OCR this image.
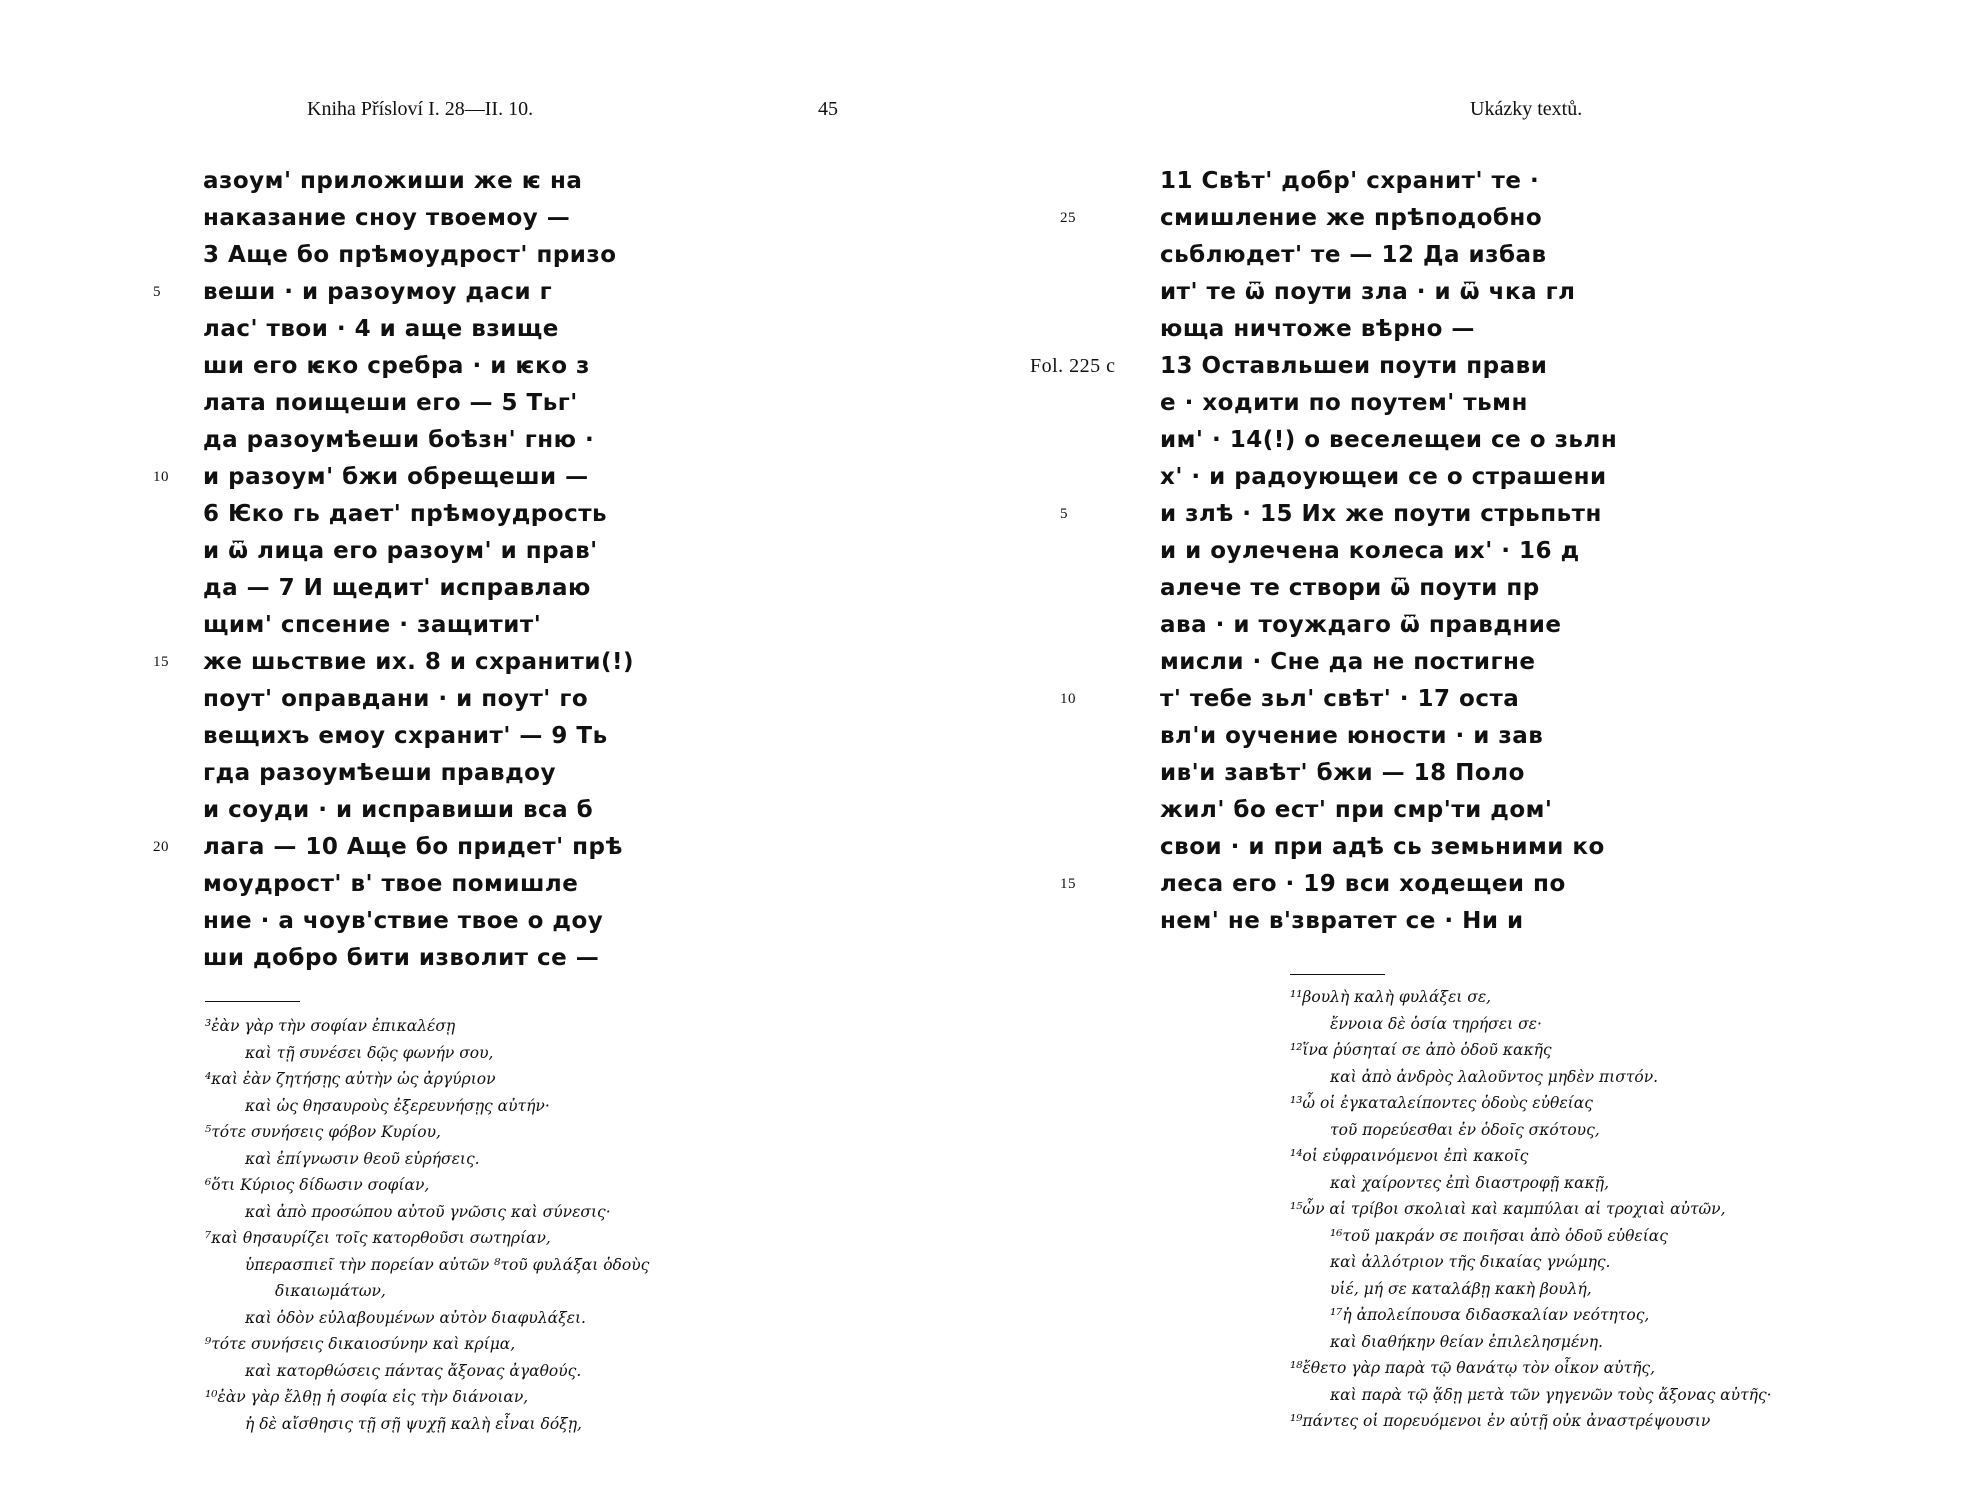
Kniha Přísloví I. 28—II. 10.	45	Ukázky textů.
азоум' приложиши же ѥ на
наказание сноу твоемоу —
3 Аще бо прѣмоудрост' призо
5 веши · и разоумоу даси г
лас' твои · 4 и аще взище
ши его ѥко сребра · и ѥко з
лата поищеши его — 5 Тьг'
да разоумѣеши боѣзн' гню ·
10 и разоум' бжи обрещеши —
6 Ѥко гь дает' прѣмоудрость
и ѿ лица его разоум' и прав'
да — 7 И щедит' исправлаю
щим' спсение · защитит'
15 же шьствие их. 8 и схранити(!)
поут' оправдани · и поут' го
вещихъ емоу схранит' — 9 Ть
гда разоумѣеши правдоу
и соуди · и исправиши вса б
20 лага — 10 Аще бо придет' прѣ
моудрост' в' твое помишле
ние · а чоув'ствие твое о доу
ши добро бити изволит се —
11 Свѣт' добр' схранит' те ·
25	смишление же прѣподобно
сьблюдет' те — 12 Да избав
ит' те ѿ поути зла · и ѿ чка гл
юща ничтоже вѣрно —
Fol. 225 c 13 Оставльшеи поути прави
е · ходити по поутем' тьмн
им' · 14(!) о веселещеи се о зьлн
х' · и радоующеи се о страшени
5	и злѣ · 15 Их же поути стрьпьтн
и и оулечена колеса их' · 16 д
алече те створи ѿ поути пр
ава · и тоуждаго ѿ правдние
мисли · Сне да не постигне
10	т' тебе зьл' свѣт' · 17 оста
вл'и оучение юности · и зав
ив'и завѣт' бжи — 18 Поло
жил' бо ест' при смр'ти дом'
свои · и при адѣ сь земьними ко
15	леса его · 19 вси ходещеи по
нем' не в'звратет се · Ни и
³ἐὰν γὰρ τὴν σοφίαν ἐπικαλέσῃ
καὶ τῇ συνέσει δῷς φωνήν σου,
⁴καὶ ἐὰν ζητήσῃς αὐτὴν ὡς ἀργύριον
καὶ ὡς θησαυροὺς ἐξερευνήσῃς αὐτήν·
⁵τότε συνήσεις φόβον Κυρίου,
καὶ ἐπίγνωσιν θεοῦ εὑρήσεις.
⁶ὅτι Κύριος δίδωσιν σοφίαν,
καὶ ἀπὸ προσώπου αὐτοῦ γνῶσις καὶ σύνεσις·
⁷καὶ θησαυρίζει τοῖς κατορθοῦσι σωτηρίαν,
ὑπερασπιεῖ τὴν πορείαν αὐτῶν ⁸τοῦ φυλάξαι ὁδοὺς
δικαιωμάτων,
καὶ ὁδὸν εὐλαβουμένων αὐτὸν διαφυλάξει.
⁹τότε συνήσεις δικαιοσύνην καὶ κρίμα,
καὶ κατορθώσεις πάντας ἄξονας ἀγαθούς.
¹⁰ἐὰν γὰρ ἔλθῃ ἡ σοφία εἰς τὴν διάνοιαν,
ἡ δὲ αἴσθησις τῇ σῇ ψυχῇ καλὴ εἶναι δόξῃ,
¹¹βουλὴ καλὴ φυλάξει σε,
ἔννοια δὲ ὁσία τηρήσει σε·
¹²ἵνα ῥύσηταί σε ἀπὸ ὁδοῦ κακῆς
καὶ ἀπὸ ἀνδρὸς λαλοῦντος μηδὲν πιστόν.
¹³ὦ οἱ ἐγκαταλείποντες ὁδοὺς εὐθείας
τοῦ πορεύεσθαι ἐν ὁδοῖς σκότους,
¹⁴οἱ εὐφραινόμενοι ἐπὶ κακοῖς
καὶ χαίροντες ἐπὶ διαστροφῇ κακῇ,
¹⁵ὧν αἱ τρίβοι σκολιαὶ καὶ καμπύλαι αἱ τροχιαὶ αὐτῶν,
¹⁶τοῦ μακράν σε ποιῆσαι ἀπὸ ὁδοῦ εὐθείας
καὶ ἀλλότριον τῆς δικαίας γνώμης.
υἱέ, μή σε καταλάβῃ κακὴ βουλή,
¹⁷ἡ ἀπολείπουσα διδασκαλίαν νεότητος,
καὶ διαθήκην θείαν ἐπιλελησμένη.
¹⁸ἔθετο γὰρ παρὰ τῷ θανάτῳ τὸν οἶκον αὐτῆς,
καὶ παρὰ τῷ ᾅδῃ μετὰ τῶν γηγενῶν τοὺς ἄξονας αὐτῆς·
¹⁹πάντες οἱ πορευόμενοι ἐν αὐτῇ οὐκ ἀναστρέψουσιν
